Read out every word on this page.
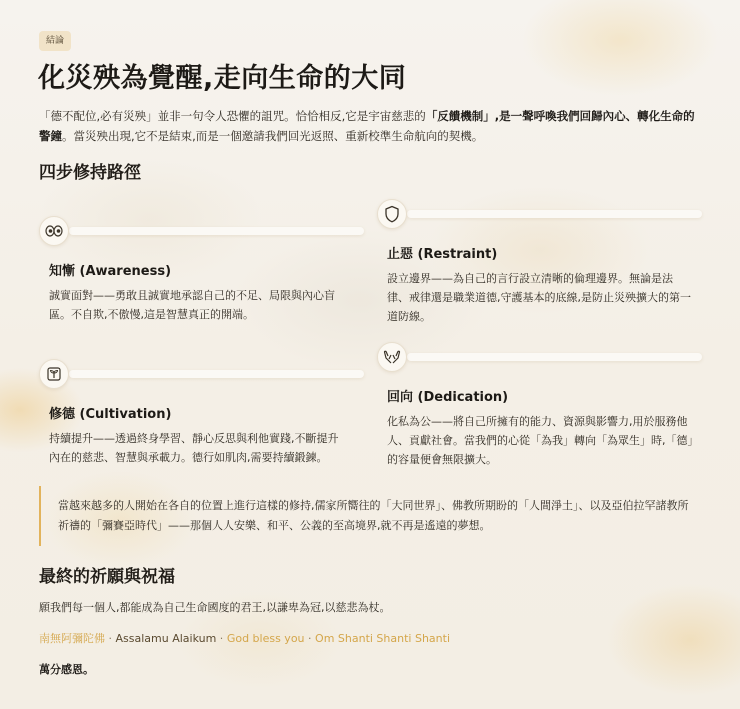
結論
化災殃為覺醒,走向生命的大同

「德不配位,必有災殃」並非一句令人恐懼的詛咒。恰恰相反,它是宇宙慈悲的「反饋機制」,是一聲呼喚我們回歸內心、轉化生命的警鐘。當災殃出現,它不是結束,而是一個邀請我們回光返照、重新校準生命航向的契機。

四步修持路徑
知慚 (Awareness)
誠實面對——勇敢且誠實地承認自己的不足、局限與內心盲區。不自欺,不傲慢,這是智慧真正的開端。
止惡 (Restraint)
設立邊界——為自己的言行設立清晰的倫理邊界。無論是法律、戒律還是職業道德,守護基本的底線,是防止災殃擴大的第一道防線。
修德 (Cultivation)
持續提升——透過終身學習、靜心反思與利他實踐,不斷提升內在的慈悲、智慧與承載力。德行如肌肉,需要持續鍛鍊。
回向 (Dedication)
化私為公——將自己所擁有的能力、資源與影響力,用於服務他人、貢獻社會。當我們的心從「為我」轉向「為眾生」時,「德」的容量便會無限擴大。
當越來越多的人開始在各自的位置上進行這樣的修持,儒家所嚮往的「大同世界」、佛教所期盼的「人間淨土」、以及亞伯拉罕諸教所祈禱的「彌賽亞時代」——那個人人安樂、和平、公義的至高境界,就不再是遙遠的夢想。
最終的祈願與祝福

願我們每一個人,都能成為自己生命國度的君王,以謙卑為冠,以慈悲為杖。

南無阿彌陀佛 · Assalamu Alaikum · God bless you · Om Shanti Shanti Shanti

萬分感恩。
